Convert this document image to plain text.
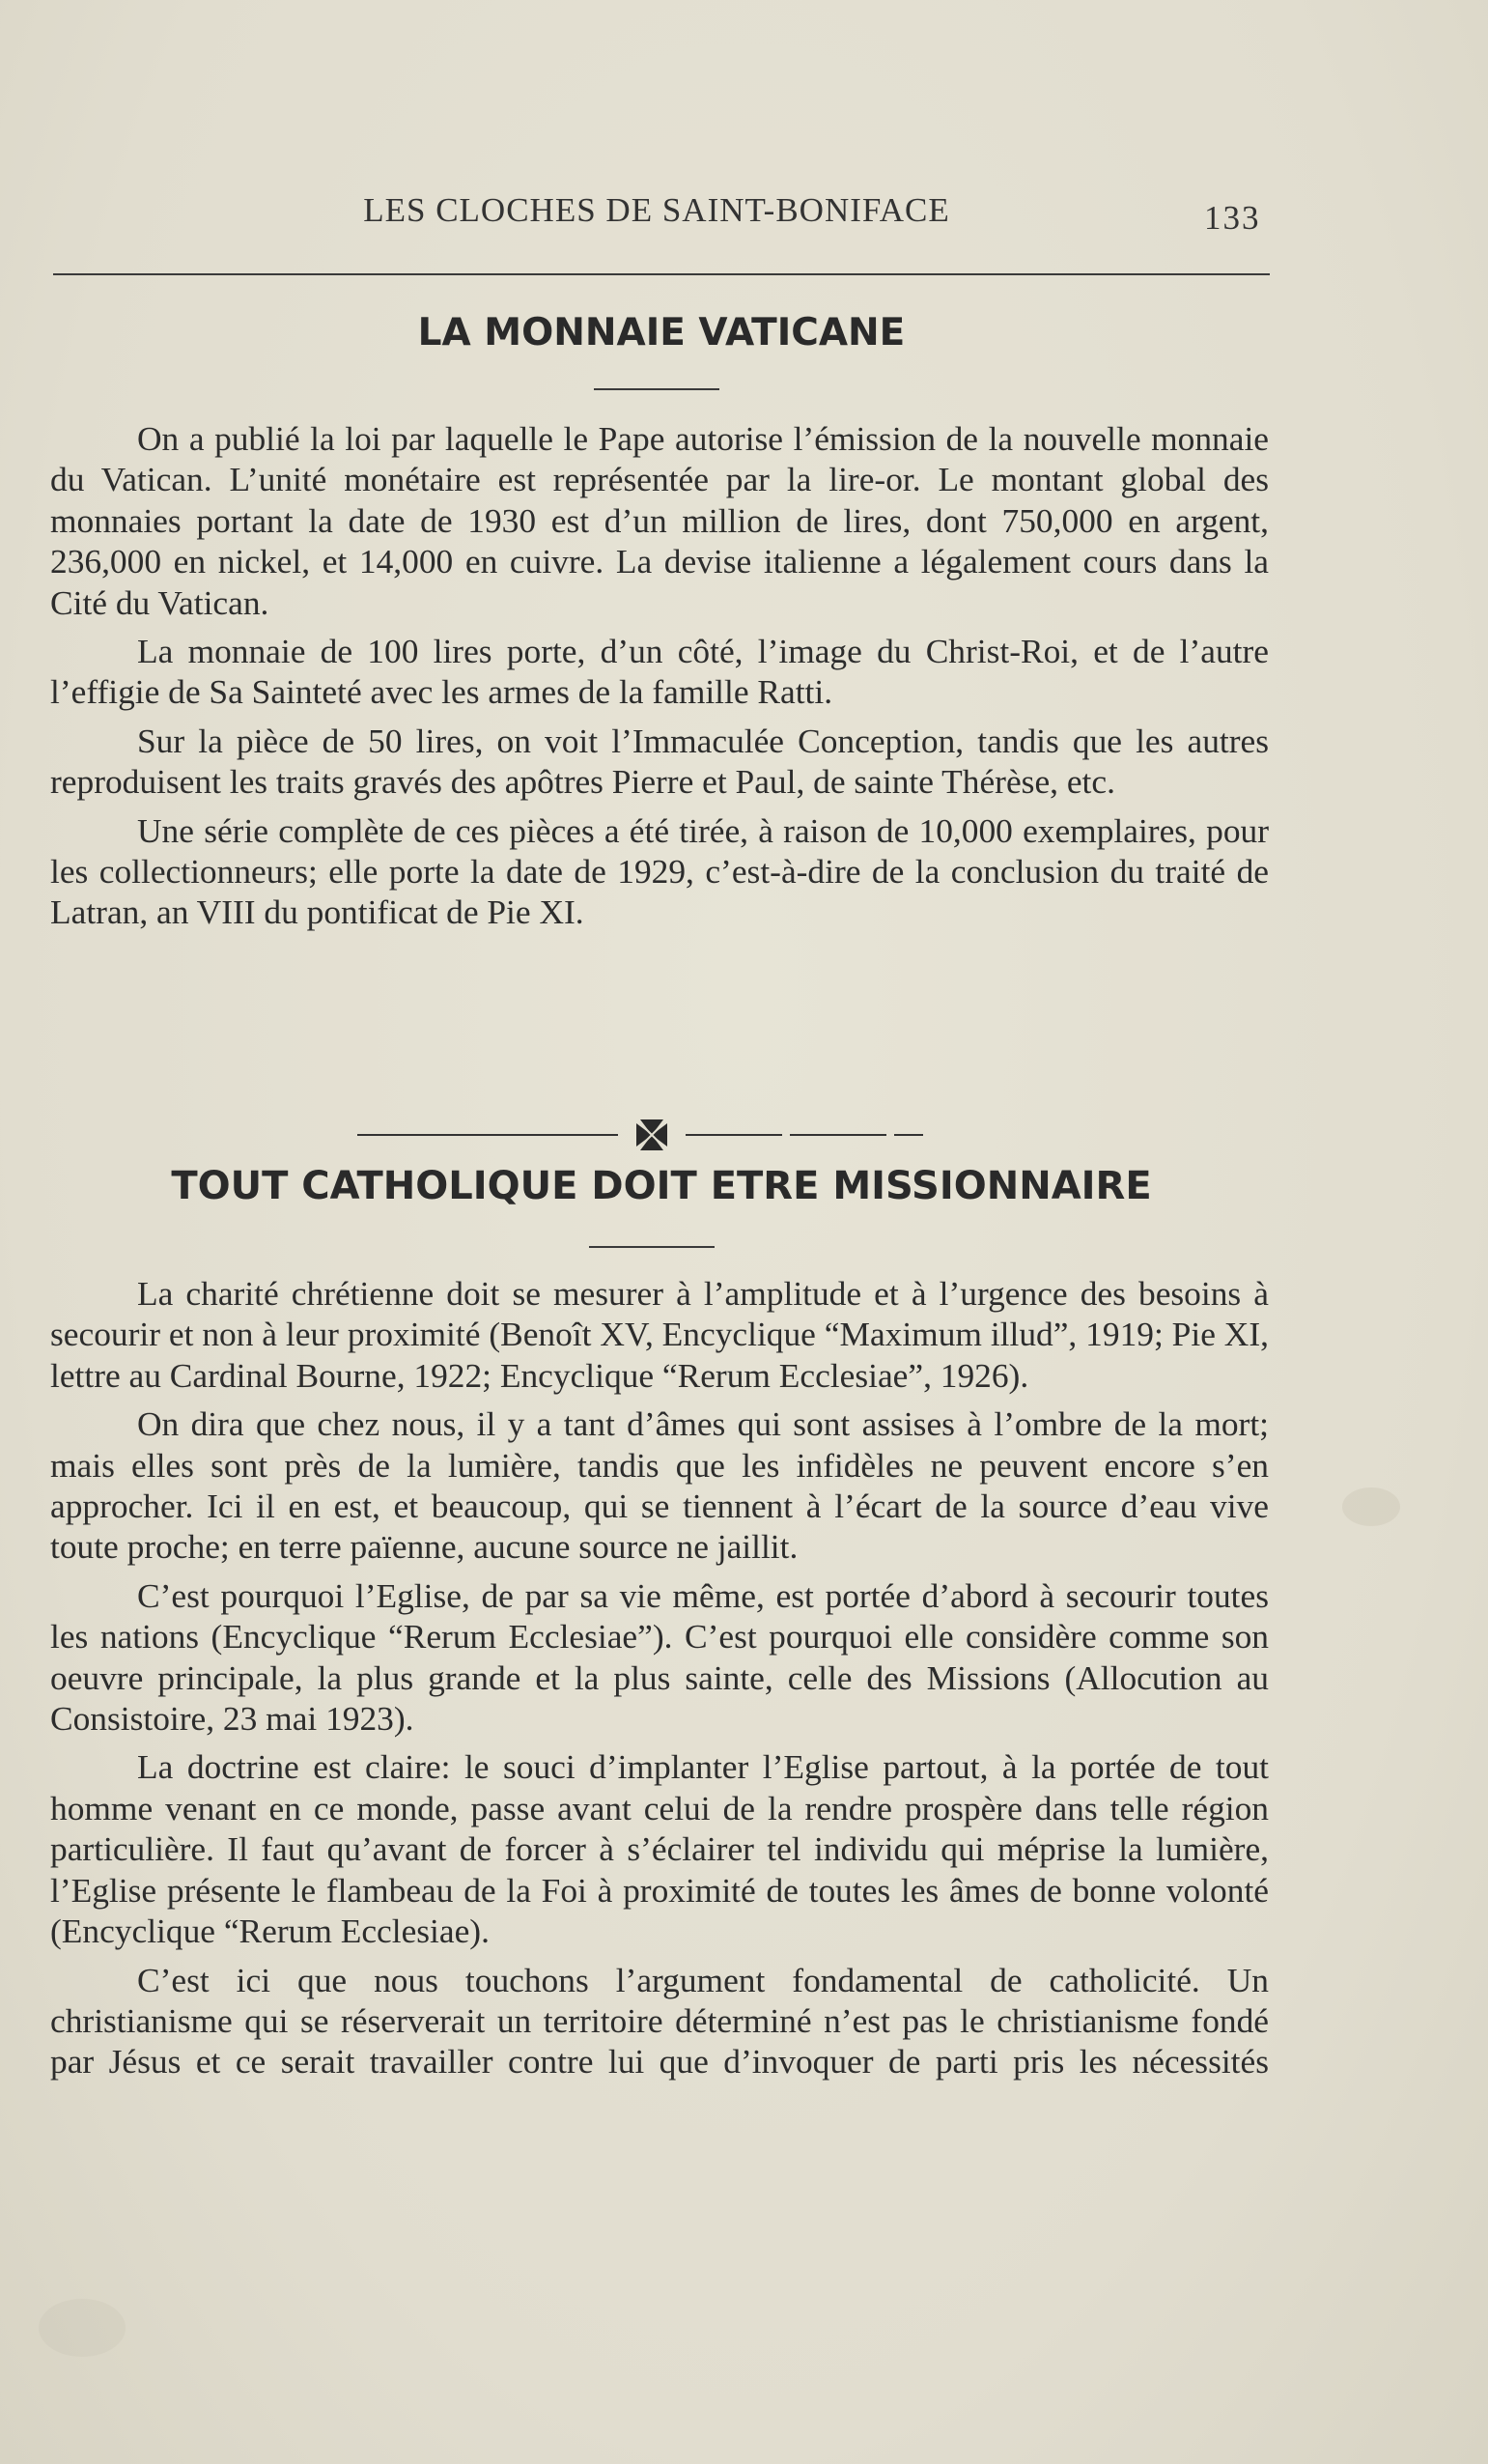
LES CLOCHES DE SAINT-BONIFACE	133
LA MONNAIE VATICANE

On a publié la loi par laquelle le Pape autorise l’émission de la nouvelle monnaie du Vatican. L’unité monétaire est représentée par la lire-or. Le montant global des monnaies portant la date de 1930 est d’un million de lires, dont 750,000 en argent, 236,000 en nickel, et 14,000 en cuivre. La devise italienne a légalement cours dans la Cité du Vatican.

La monnaie de 100 lires porte, d’un côté, l’image du Christ-Roi, et de l’autre l’effigie de Sa Sainteté avec les armes de la famille Ratti.

Sur la pièce de 50 lires, on voit l’Immaculée Conception, tandis que les autres reproduisent les traits gravés des apôtres Pierre et Paul, de sainte Thérèse, etc.

Une série complète de ces pièces a été tirée, à raison de 10,000 exemplaires, pour les collectionneurs; elle porte la date de 1929, c’est-à-dire de la conclusion du traité de Latran, an VIII du pontificat de Pie XI.

TOUT CATHOLIQUE DOIT ETRE MISSIONNAIRE

La charité chrétienne doit se mesurer à l’amplitude et à l’urgence des besoins à secourir et non à leur proximité (Benoît XV, Encyclique “Maximum illud”, 1919; Pie XI, lettre au Cardinal Bourne, 1922; Encyclique “Rerum Ecclesiae”, 1926).

On dira que chez nous, il y a tant d’âmes qui sont assises à l’ombre de la mort; mais elles sont près de la lumière, tandis que les infidèles ne peuvent encore s’en approcher. Ici il en est, et beaucoup, qui se tiennent à l’écart de la source d’eau vive toute proche; en terre païenne, aucune source ne jaillit.

C’est pourquoi l’Eglise, de par sa vie même, est portée d’abord à secourir toutes les nations (Encyclique “Rerum Ecclesiae”). C’est pourquoi elle considère comme son oeuvre principale, la plus grande et la plus sainte, celle des Missions (Allocution au Consistoire, 23 mai 1923).

La doctrine est claire: le souci d’implanter l’Eglise partout, à la portée de tout homme venant en ce monde, passe avant celui de la rendre prospère dans telle région particulière. Il faut qu’avant de forcer à s’éclairer tel individu qui méprise la lumière, l’Eglise présente le flambeau de la Foi à proximité de toutes les âmes de bonne volonté (Encyclique “Rerum Ecclesiae).

C’est ici que nous touchons l’argument fondamental de catholicité. Un christianisme qui se réserverait un territoire déterminé n’est pas le christianisme fondé par Jésus et ce serait travailler contre lui que d’invoquer de parti pris les nécessités
